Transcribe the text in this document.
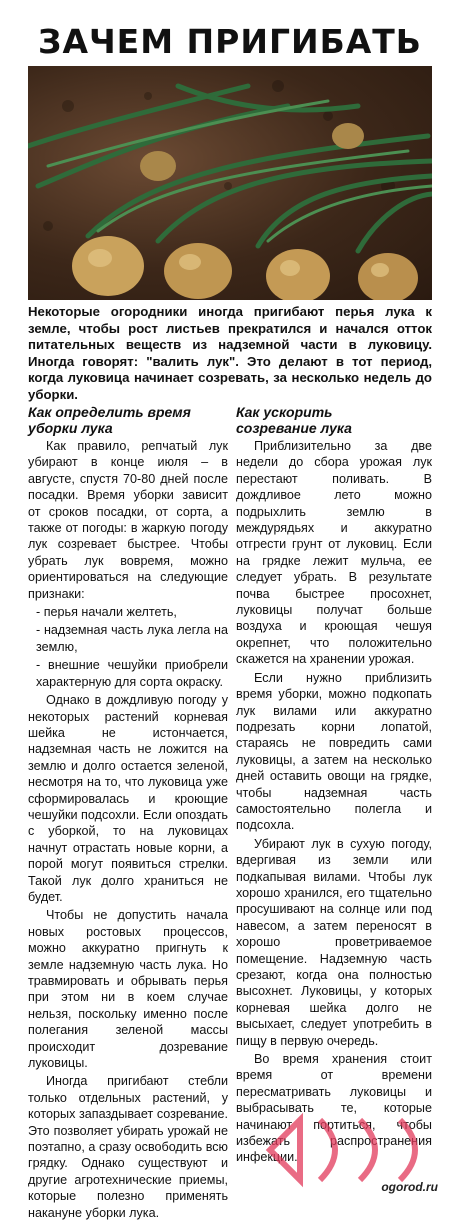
ЗАЧЕМ ПРИГИБАТЬ
Некоторые огородники иногда пригибают перья лука к земле, чтобы рост листьев прекратился и начался отток питательных веществ из надземной части в луковицу. Иногда говорят: "валить лук". Это делают в тот период, когда луковица начинает созревать, за несколько недель до уборки.
Как определить время
уборки лука

Как правило, репчатый лук убирают в конце июля – в августе, спустя 70-80 дней после посадки. Время уборки зависит от сроков посадки, от сорта, а также от погоды: в жаркую погоду лук созревает быстрее. Чтобы убрать лук вовремя, можно ориентироваться на следующие признаки:

- перья начали желтеть,

- надземная часть лука легла на землю,

- внешние чешуйки приобрели характерную для сорта окраску.

Однако в дождливую погоду у некоторых растений корневая шейка не истончается, надземная часть не ложится на землю и долго остается зеленой, несмотря на то, что луковица уже сформировалась и кроющие чешуйки подсохли. Если опоздать с уборкой, то на луковицах начнут отрастать новые корни, а порой могут появиться стрелки. Такой лук долго храниться не будет.

Чтобы не допустить начала новых ростовых процессов, можно аккуратно пригнуть к земле надземную часть лука. Но травмировать и обрывать перья при этом ни в коем случае нельзя, поскольку именно после полегания зеленой массы происходит дозревание луковицы.

Иногда пригибают стебли только отдельных растений, у которых запаздывает созревание. Это позволяет убирать урожай не поэтапно, а сразу освободить всю грядку. Однако существуют и другие агротехнические приемы, которые полезно применять накануне уборки лука.

Как ускорить
созревание лука

Приблизительно за две недели до сбора урожая лук перестают поливать. В дождливое лето можно подрыхлить землю в междурядьях и аккуратно отгрести грунт от луковиц. Если на грядке лежит мульча, ее следует убрать. В результате почва быстрее просохнет, луковицы получат больше воздуха и кроющая чешуя окрепнет, что положительно скажется на хранении урожая.

Если нужно приблизить время уборки, можно подкопать лук вилами или аккуратно подрезать корни лопатой, стараясь не повредить сами луковицы, а затем на несколько дней оставить овощи на грядке, чтобы надземная часть самостоятельно полегла и подсохла.

Убирают лук в сухую погоду, вдергивая из земли или подкапывая вилами. Чтобы лук хорошо хранился, его тщательно просушивают на солнце или под навесом, а затем переносят в хорошо проветриваемое помещение. Надземную часть срезают, когда она полностью высохнет. Луковицы, у которых корневая шейка долго не высыхает, следует употребить в пищу в первую очередь.

Во время хранения стоит время от времени пересматривать луковицы и выбрасывать те, которые начинают портиться, чтобы избежать распространения инфекции.

ogorod.ru
